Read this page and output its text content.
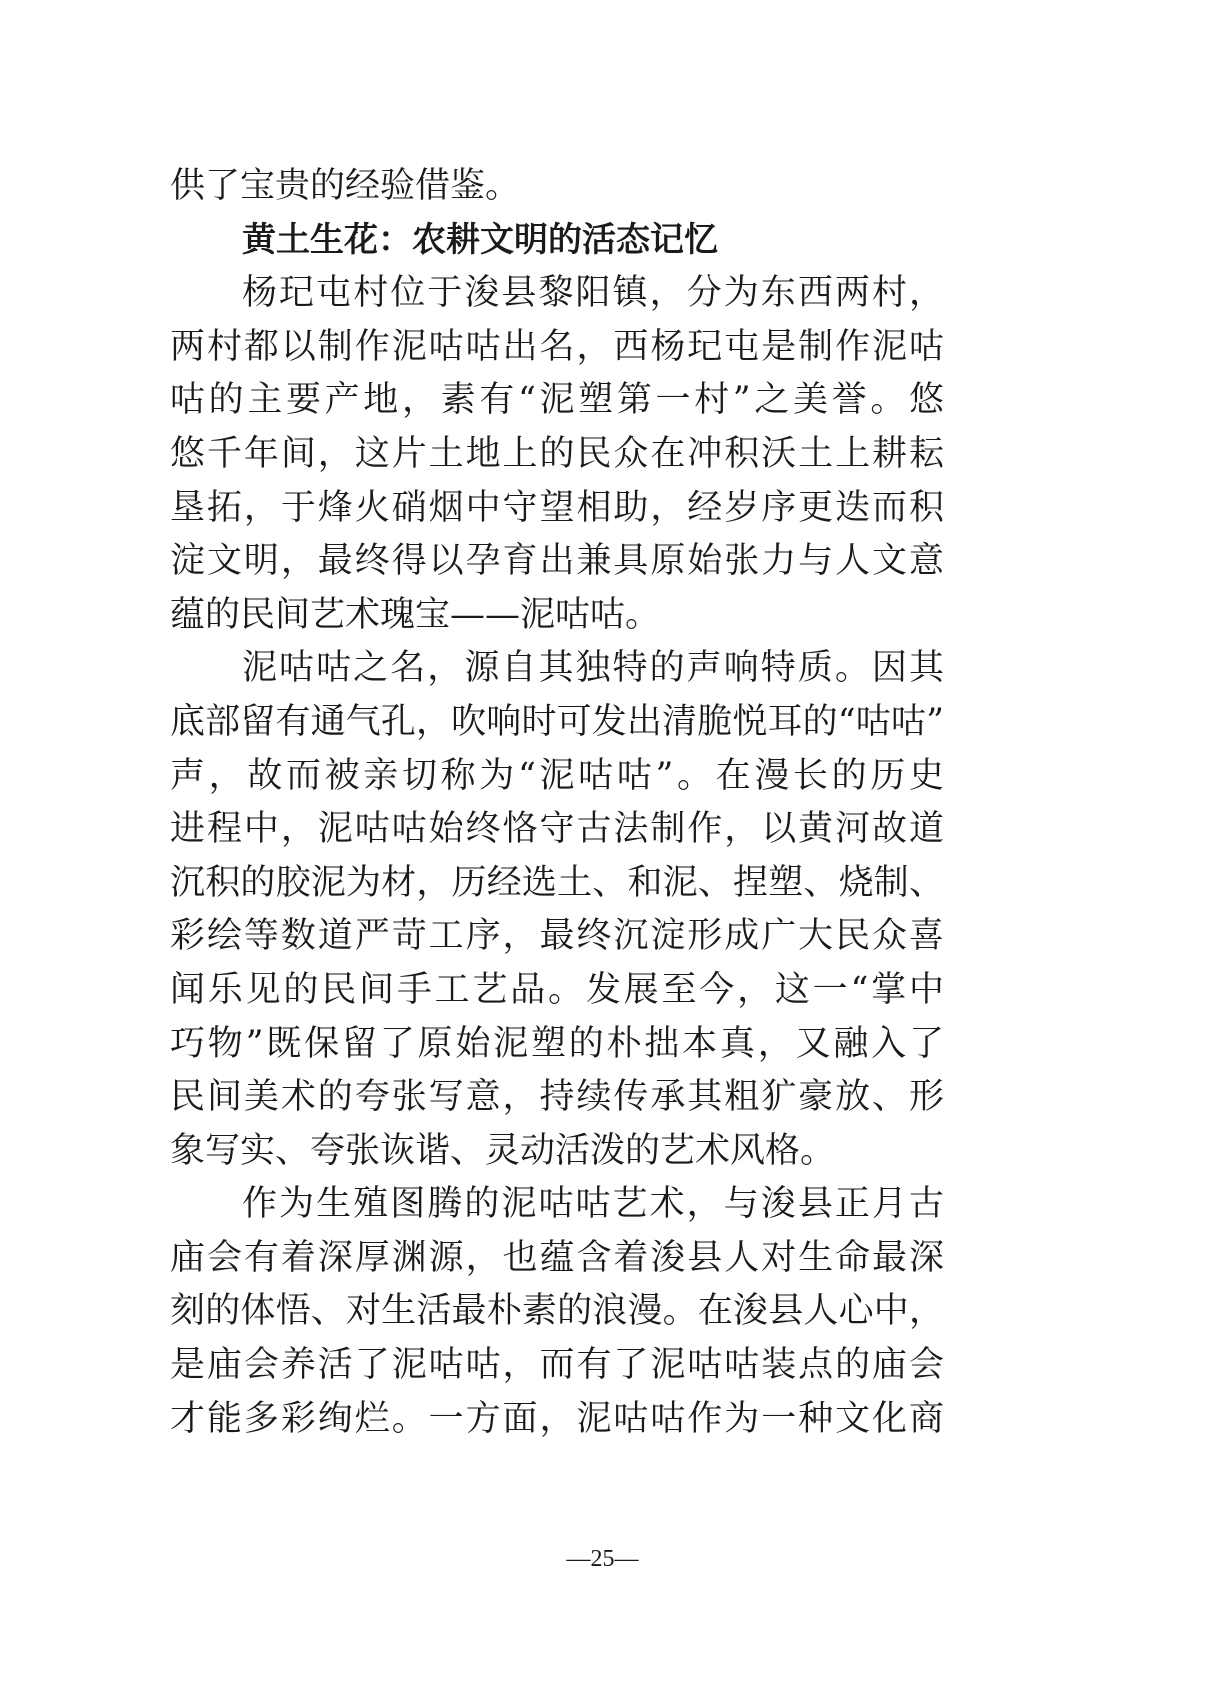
供了宝贵的经验借鉴。
黄土生花：农耕文明的活态记忆
杨玘屯村位于浚县黎阳镇，分为东西两村，
两村都以制作泥咕咕出名，西杨玘屯是制作泥咕
咕的主要产地，素有“泥塑第一村”之美誉。悠
悠千年间，这片土地上的民众在冲积沃土上耕耘
垦拓，于烽火硝烟中守望相助，经岁序更迭而积
淀文明，最终得以孕育出兼具原始张力与人文意
蕴的民间艺术瑰宝——泥咕咕。
泥咕咕之名，源自其独特的声响特质。因其
底部留有通气孔，吹响时可发出清脆悦耳的“咕咕”
声，故而被亲切称为“泥咕咕”。在漫长的历史
进程中，泥咕咕始终恪守古法制作，以黄河故道
沉积的胶泥为材，历经选土、和泥、捏塑、烧制、
彩绘等数道严苛工序，最终沉淀形成广大民众喜
闻乐见的民间手工艺品。发展至今，这一“掌中
巧物”既保留了原始泥塑的朴拙本真，又融入了
民间美术的夸张写意，持续传承其粗犷豪放、形
象写实、夸张诙谐、灵动活泼的艺术风格。
作为生殖图腾的泥咕咕艺术，与浚县正月古
庙会有着深厚渊源，也蕴含着浚县人对生命最深
刻的体悟、对生活最朴素的浪漫。在浚县人心中，
是庙会养活了泥咕咕，而有了泥咕咕装点的庙会
才能多彩绚烂。一方面，泥咕咕作为一种文化商
—25—
